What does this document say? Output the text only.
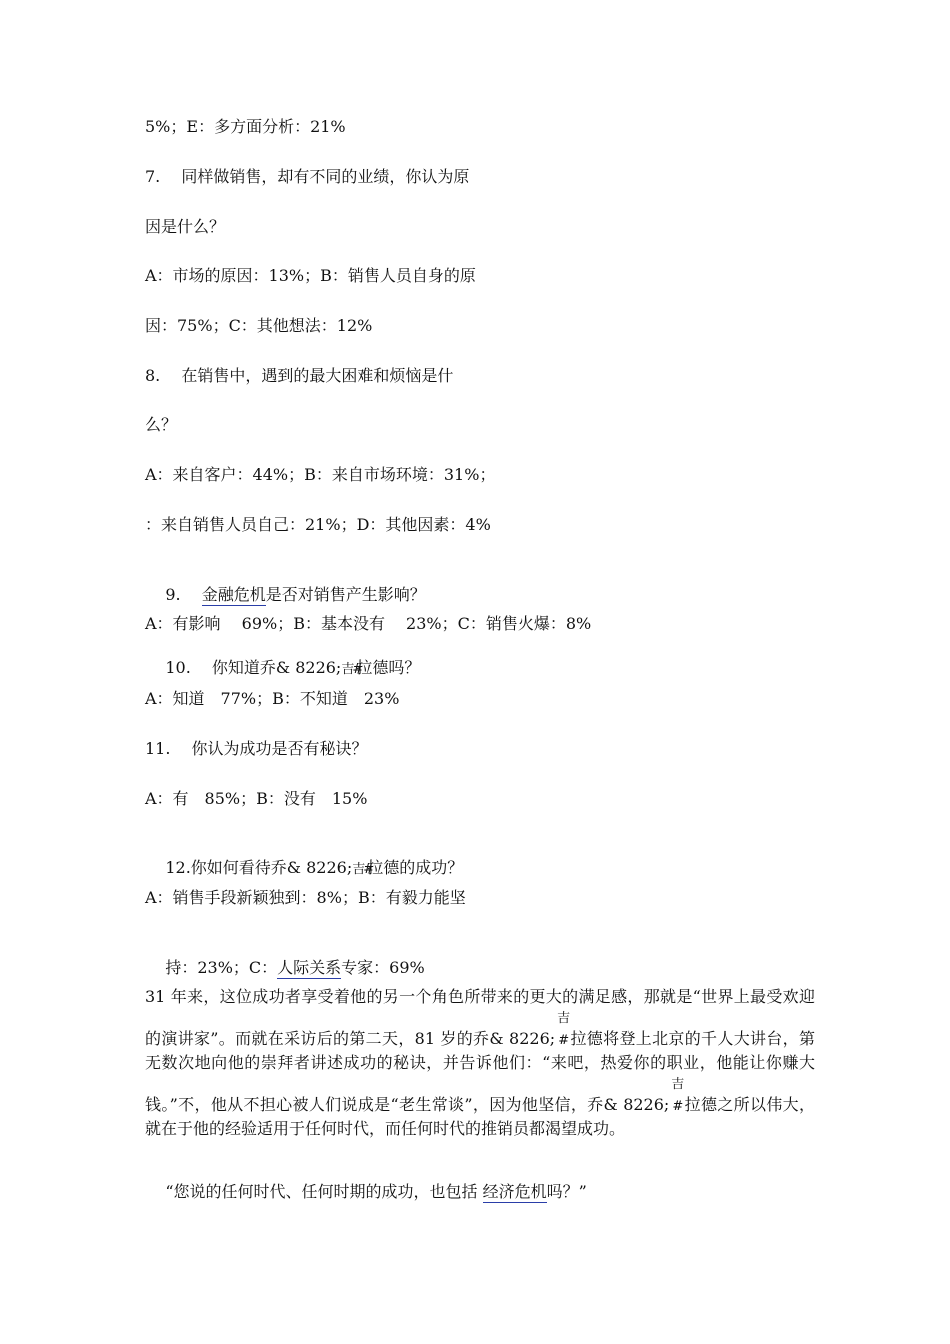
5%；E：多方面分析：21%
7.　 同样做销售，却有不同的业绩，你认为原
因是什么？
A：市场的原因：13%；B：销售人员自身的原
因：75%；C：其他想法：12%
8.　 在销售中，遇到的最大困难和烦恼是什
么？
A：来自客户：44%；B：来自市场环境：31%；
：来自销售人员自己：21%；D：其他因素：4%

9.　 金融危机是否对销售产生影响？

A：有影响　 69%；B：基本没有　 23%；C：销售火爆：8%

10.　 你知道乔& 8226;吉#拉德吗？

A：知道　77%；B：不知道　23%
11.　 你认为成功是否有秘诀？
A：有　85%；B：没有　15%

12.你如何看待乔& 8226;吉#拉德的成功？

A：销售手段新颖独到：8%；B：有毅力能坚

持：23%；C：人际关系专家：69%

31 年来，这位成功者享受着他的另一个角色所带来的更大的满足感，那就是“世界上最受欢迎的演讲家”。而就在采访后的第二天，81 岁的乔& 8226;吉# 拉德将登上北京的千人大讲台，第无数次地向他的崇拜者讲述成功的秘诀，并告诉他们：“来吧，热爱你的职业，他能让你赚大钱。”不，他从不担心被人们说成是“老生常谈”，因为他坚信，乔& 8226;吉# 拉德之所以伟大，就在于他的经验适用于任何时代，而任何时代的推销员都渴望成功。

“您说的任何时代、任何时期的成功，也包括 经济危机吗？”
